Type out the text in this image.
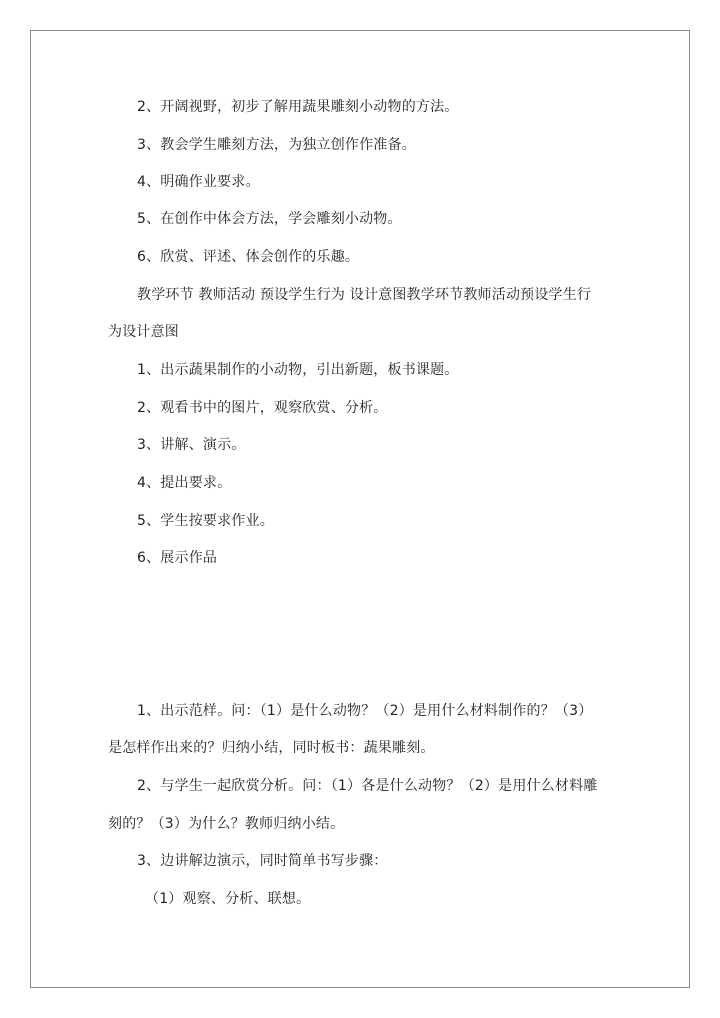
2、开阔视野，初步了解用蔬果雕刻小动物的方法。
3、教会学生雕刻方法，为独立创作作准备。
4、明确作业要求。
5、在创作中体会方法，学会雕刻小动物。
6、欣赏、评述、体会创作的乐趣。
教学环节 教师活动 预设学生行为 设计意图教学环节教师活动预设学生行
为设计意图
1、出示蔬果制作的小动物，引出新题，板书课题。
2、观看书中的图片，观察欣赏、分析。
3、讲解、演示。
4、提出要求。
5、学生按要求作业。
6、展示作品
1、出示范样。问：（1）是什么动物？（2）是用什么材料制作的？（3）
是怎样作出来的？归纳小结，同时板书：蔬果雕刻。
2、与学生一起欣赏分析。问：（1）各是什么动物？（2）是用什么材料雕
刻的？（3）为什么？教师归纳小结。
3、边讲解边演示，同时简单书写步骤：
（1）观察、分析、联想。
